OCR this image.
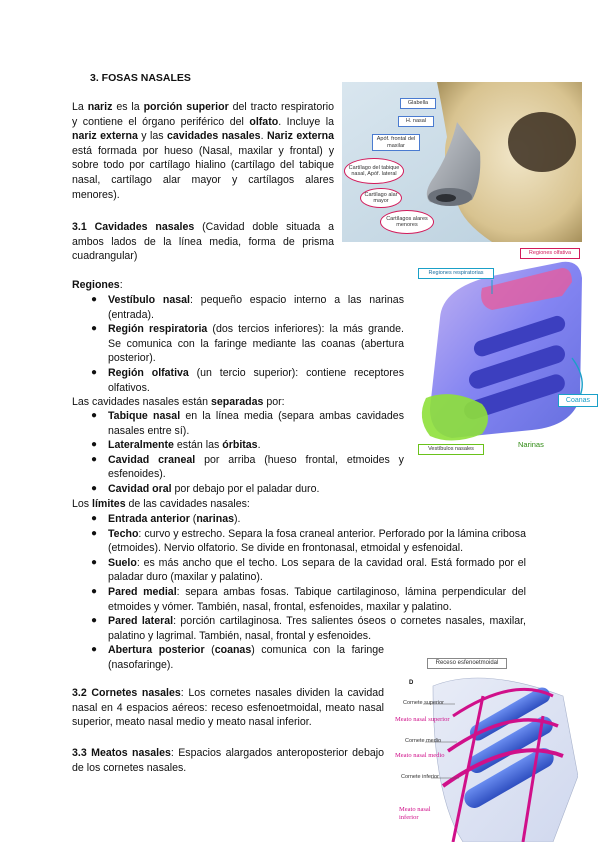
3. FOSAS NASALES
La nariz es la porción superior del tracto respiratorio y contiene el órgano periférico del olfato. Incluye la nariz externa y las cavidades nasales. Nariz externa está formada por hueso (Nasal, maxilar y frontal) y sobre todo por cartílago hialino (cartílago del tabique nasal, cartílago alar mayor y cartílagos alares menores).
3.1 Cavidades nasales (Cavidad doble situada a ambos lados de la línea media, forma de prisma cuadrangular)
Regiones:
● Vestíbulo nasal: pequeño espacio interno a las narinas (entrada).
● Región respiratoria (dos tercios inferiores): la más grande. Se comunica con la faringe mediante las coanas (abertura posterior).
● Región olfativa (un tercio superior): contiene receptores olfativos.
Las cavidades nasales están separadas por:
● Tabique nasal en la línea media (separa ambas cavidades nasales entre sí).
● Lateralmente están las órbitas.
● Cavidad craneal por arriba (hueso frontal, etmoides y esfenoides).
● Cavidad oral por debajo por el paladar duro.
Los límites de las cavidades nasales:
● Entrada anterior (narinas).
● Techo: curvo y estrecho. Separa la fosa craneal anterior. Perforado por la lámina cribosa (etmoides). Nervio olfatorio. Se divide en frontonasal, etmoidal y esfenoidal.
● Suelo: es más ancho que el techo. Los separa de la cavidad oral. Está formado por el paladar duro (maxilar y palatino).
● Pared medial: separa ambas fosas. Tabique cartilaginoso, lámina perpendicular del etmoides y vómer. También, nasal, frontal, esfenoides, maxilar y palatino.
● Pared lateral: porción cartilaginosa. Tres salientes óseos o cornetes nasales, maxilar, palatino y lagrimal. También, nasal, frontal y esfenoides.
● Abertura posterior (coanas) comunica con la faringe (nasofaringe).
3.2 Cornetes nasales: Los cornetes nasales dividen la cavidad nasal en 4 espacios aéreos: receso esfenoetmoidal, meato nasal superior, meato nasal medio y meato nasal inferior.
3.3 Meatos nasales: Espacios alargados anteroposterior debajo de los cornetes nasales.
Glabella
H. nasal
Apóf. frontal del maxilar
Cartílago del tabique nasal, Apóf. lateral
Cartílago alar mayor
Cartílagos alares menores
Regiones olfativa
Regiones respiratorias
Coanas
Vestíbulos nasales	Narinas
Receso esfenoetmoidal
D
Cornete superior
Meato nasal superior
Cornete medio
Meato nasal medio
Cornete inferior
Meato nasal inferior
